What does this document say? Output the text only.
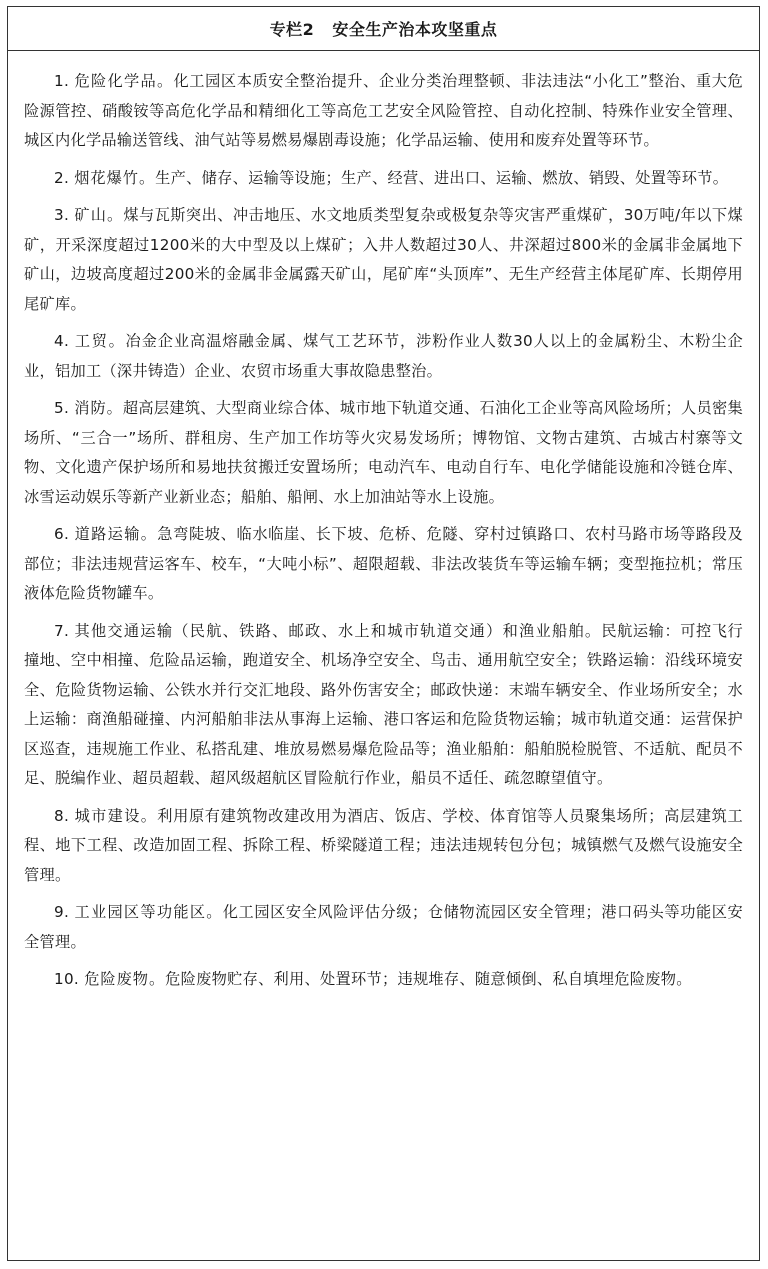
专栏2 安全生产治本攻坚重点

1. 危险化学品。化工园区本质安全整治提升、企业分类治理整顿、非法违法“小化工”整治、重大危险源管控、硝酸铵等高危化学品和精细化工等高危工艺安全风险管控、自动化控制、特殊作业安全管理、城区内化学品输送管线、油气站等易燃易爆剧毒设施；化学品运输、使用和废弃处置等环节。

2. 烟花爆竹。生产、储存、运输等设施；生产、经营、进出口、运输、燃放、销毁、处置等环节。

3. 矿山。煤与瓦斯突出、冲击地压、水文地质类型复杂或极复杂等灾害严重煤矿，30万吨/年以下煤矿，开采深度超过1200米的大中型及以上煤矿；入井人数超过30人、井深超过800米的金属非金属地下矿山，边坡高度超过200米的金属非金属露天矿山，尾矿库“头顶库”、无生产经营主体尾矿库、长期停用尾矿库。

4. 工贸。冶金企业高温熔融金属、煤气工艺环节，涉粉作业人数30人以上的金属粉尘、木粉尘企业，铝加工（深井铸造）企业、农贸市场重大事故隐患整治。

5. 消防。超高层建筑、大型商业综合体、城市地下轨道交通、石油化工企业等高风险场所；人员密集场所、“三合一”场所、群租房、生产加工作坊等火灾易发场所；博物馆、文物古建筑、古城古村寨等文物、文化遗产保护场所和易地扶贫搬迁安置场所；电动汽车、电动自行车、电化学储能设施和冷链仓库、冰雪运动娱乐等新产业新业态；船舶、船闸、水上加油站等水上设施。

6. 道路运输。急弯陡坡、临水临崖、长下坡、危桥、危隧、穿村过镇路口、农村马路市场等路段及部位；非法违规营运客车、校车，“大吨小标”、超限超载、非法改装货车等运输车辆；变型拖拉机；常压液体危险货物罐车。

7. 其他交通运输（民航、铁路、邮政、水上和城市轨道交通）和渔业船舶。民航运输：可控飞行撞地、空中相撞、危险品运输，跑道安全、机场净空安全、鸟击、通用航空安全；铁路运输：沿线环境安全、危险货物运输、公铁水并行交汇地段、路外伤害安全；邮政快递：末端车辆安全、作业场所安全；水上运输：商渔船碰撞、内河船舶非法从事海上运输、港口客运和危险货物运输；城市轨道交通：运营保护区巡查，违规施工作业、私搭乱建、堆放易燃易爆危险品等；渔业船舶：船舶脱检脱管、不适航、配员不足、脱编作业、超员超载、超风级超航区冒险航行作业，船员不适任、疏忽瞭望值守。

8. 城市建设。利用原有建筑物改建改用为酒店、饭店、学校、体育馆等人员聚集场所；高层建筑工程、地下工程、改造加固工程、拆除工程、桥梁隧道工程；违法违规转包分包；城镇燃气及燃气设施安全管理。

9. 工业园区等功能区。化工园区安全风险评估分级；仓储物流园区安全管理；港口码头等功能区安全管理。

10. 危险废物。危险废物贮存、利用、处置环节；违规堆存、随意倾倒、私自填埋危险废物。
